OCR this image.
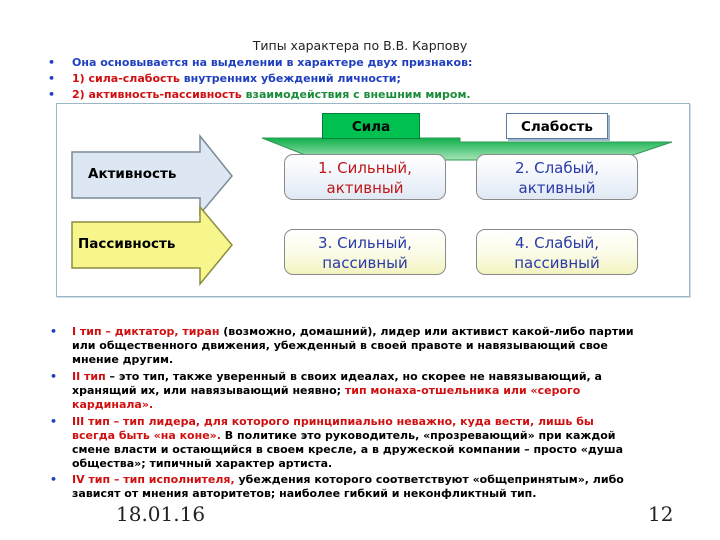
Типы характера по В.В. Карпову
• Она основывается на выделении в характере двух признаков:
• 1) сила-слабость внутренних убеждений личности;
• 2) активность-пассивность взаимодействия с внешним миром.
Сила	Слабость
Активность
Пассивность
1. Сильный,
активный
2. Слабый,
активный
3. Сильный,
пассивный
4. Слабый,
пассивный
• I тип – диктатор, тиран (возможно, домашний), лидер или активист какой-либо партии
или общественного движения, убежденный в своей правоте и навязывающий свое
мнение другим.
• II тип – это тип, также уверенный в своих идеалах, но скорее не навязывающий, а
хранящий их, или навязывающий неявно; тип монаха-отшельника или «серого
кардинала».
• III тип – тип лидера, для которого принципиально неважно, куда вести, лишь бы
всегда быть «на коне». В политике это руководитель, «прозревающий» при каждой
смене власти и остающийся в своем кресле, а в дружеской компании – просто «душа
общества»; типичный характер артиста.
• IV тип – тип исполнителя, убеждения которого соответствуют «общепринятым», либо
зависят от мнения авторитетов; наиболее гибкий и неконфликтный тип.
18.01.16	12
